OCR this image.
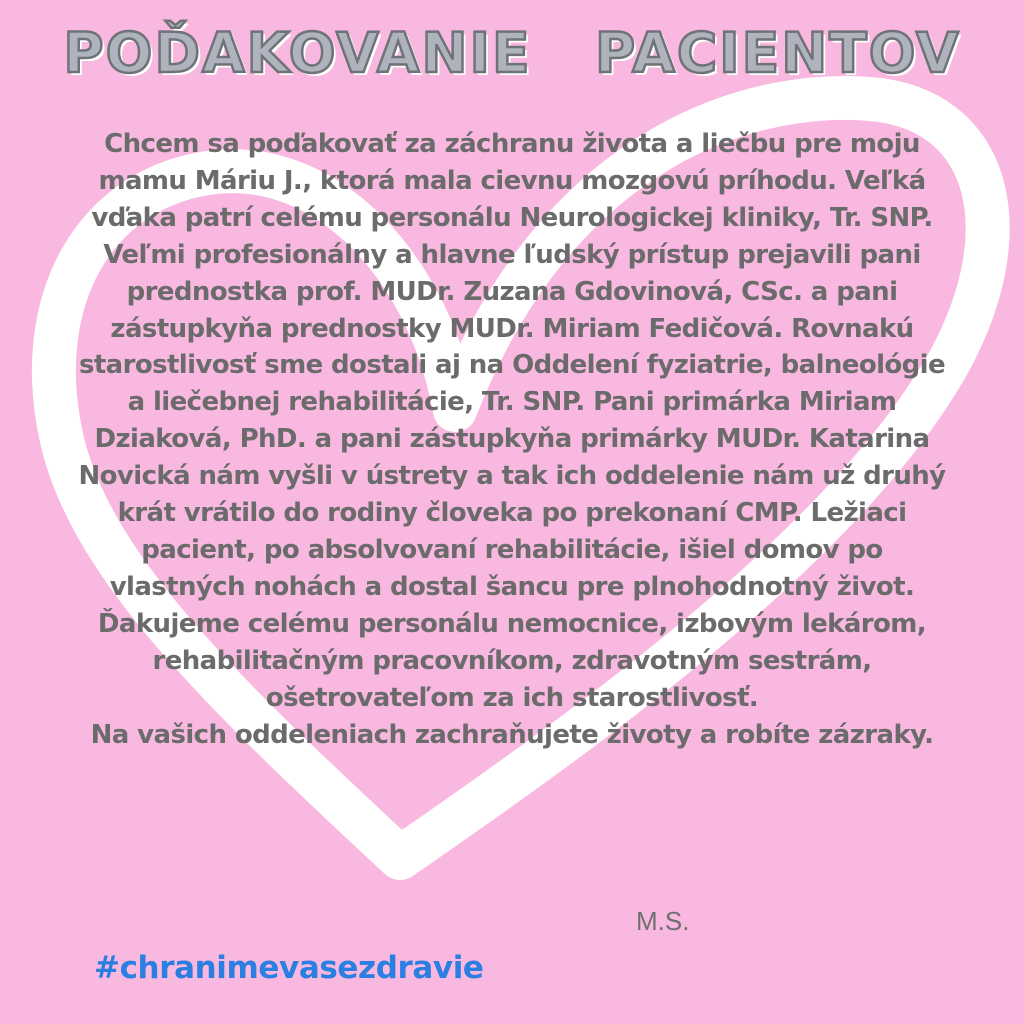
POĎAKOVANIE   PACIENTOV
Chcem sa poďakovať za záchranu života a liečbu pre moju
mamu Máriu J., ktorá mala cievnu mozgovú príhodu. Veľká
vďaka patrí celému personálu Neurologickej kliniky, Tr. SNP.
Veľmi profesionálny a hlavne ľudský prístup prejavili pani
prednostka prof. MUDr. Zuzana Gdovinová, CSc. a pani
zástupkyňa prednostky MUDr. Miriam Fedičová. Rovnakú
starostlivosť sme dostali aj na Oddelení fyziatrie, balneológie
a liečebnej rehabilitácie, Tr. SNP. Pani primárka Miriam
Dziaková, PhD. a pani zástupkyňa primárky MUDr. Katarina
Novická nám vyšli v ústrety a tak ich oddelenie nám už druhý
krát vrátilo do rodiny človeka po prekonaní CMP. Ležiaci
pacient, po absolvovaní rehabilitácie, išiel domov po
vlastných nohách a dostal šancu pre plnohodnotný život.
Ďakujeme celému personálu nemocnice, izbovým lekárom,
rehabilitačným pracovníkom, zdravotným sestrám,
ošetrovateľom za ich starostlivosť.
Na vašich oddeleniach zachraňujete životy a robíte zázraky.
M.S.
#chranimevasezdravie
